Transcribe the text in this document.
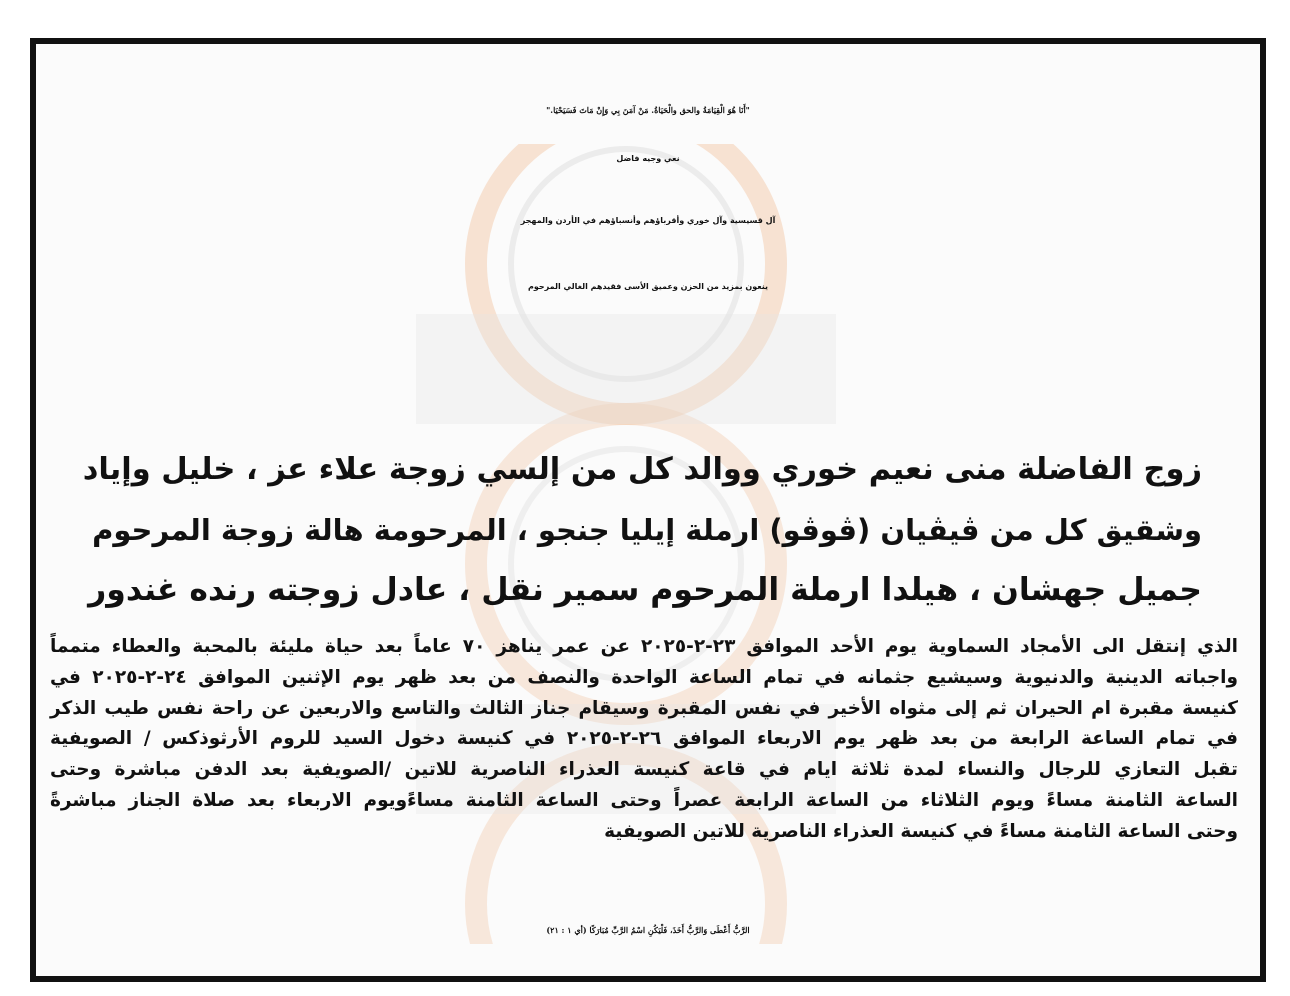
"أَنَا هُوَ الْقِيَامَةُ والحق والْحَيَاةُ. مَنْ آمَنَ بِي وَإِنْ مَاتَ فَسَيَحْيَا."
نعي وجيه فاضل
آل قسيسية وآل خوري وأقرباؤهم وأنسباؤهم في الأردن والمهجر
ينعون بمزيد من الحزن وعميق الأسى فقيدهم الغالي المرحوم
زوج الفاضلة منى نعيم خوري ووالد كل من إلسي زوجة علاء عز ، خليل وإياد
وشقيق كل من ڤيڤيان (ڤوڤو) ارملة إيليا جنجو ، المرحومة هالة زوجة المرحوم
جميل جهشان ، هيلدا ارملة المرحوم سمير نقل ، عادل زوجته رنده غندور
الذي إنتقل الى الأمجاد السماوية يوم الأحد الموافق ٢٣-٢-٢٠٢٥ عن عمر يناهز ٧٠ عاماً بعد حياة مليئة بالمحبة والعطاء متمماً
واجباته الدينية والدنيوية وسيشيع جثمانه في تمام الساعة الواحدة والنصف من بعد ظهر يوم الإثنين الموافق ٢٤-٢-٢٠٢٥ في
كنيسة مقبرة ام الحيران ثم إلى مثواه الأخير في نفس المقبرة وسيقام جناز الثالث والتاسع والاربعين عن راحة نفس طيب الذكر
في تمام الساعة الرابعة من بعد ظهر يوم الاربعاء الموافق ٢٦-٢-٢٠٢٥ في كنيسة دخول السيد للروم الأرثوذكس / الصويفية
تقبل التعازي للرجال والنساء لمدة ثلاثة ايام في قاعة كنيسة العذراء الناصرية للاتين /الصويفية بعد الدفن مباشرة وحتى
الساعة الثامنة مساءً ويوم الثلاثاء من الساعة الرابعة عصراً وحتى الساعة الثامنة مساءًويوم الاربعاء بعد صلاة الجناز مباشرةً
وحتى الساعة الثامنة مساءً في كنيسة العذراء الناصرية للاتين الصويفية
الرَّبُّ أَعْطَى وَالرَّبُّ أَخَذَ، فَلْيَكُنِ اسْمُ الرَّبِّ مُبَارَكًا (أي ١ : ٢١)
